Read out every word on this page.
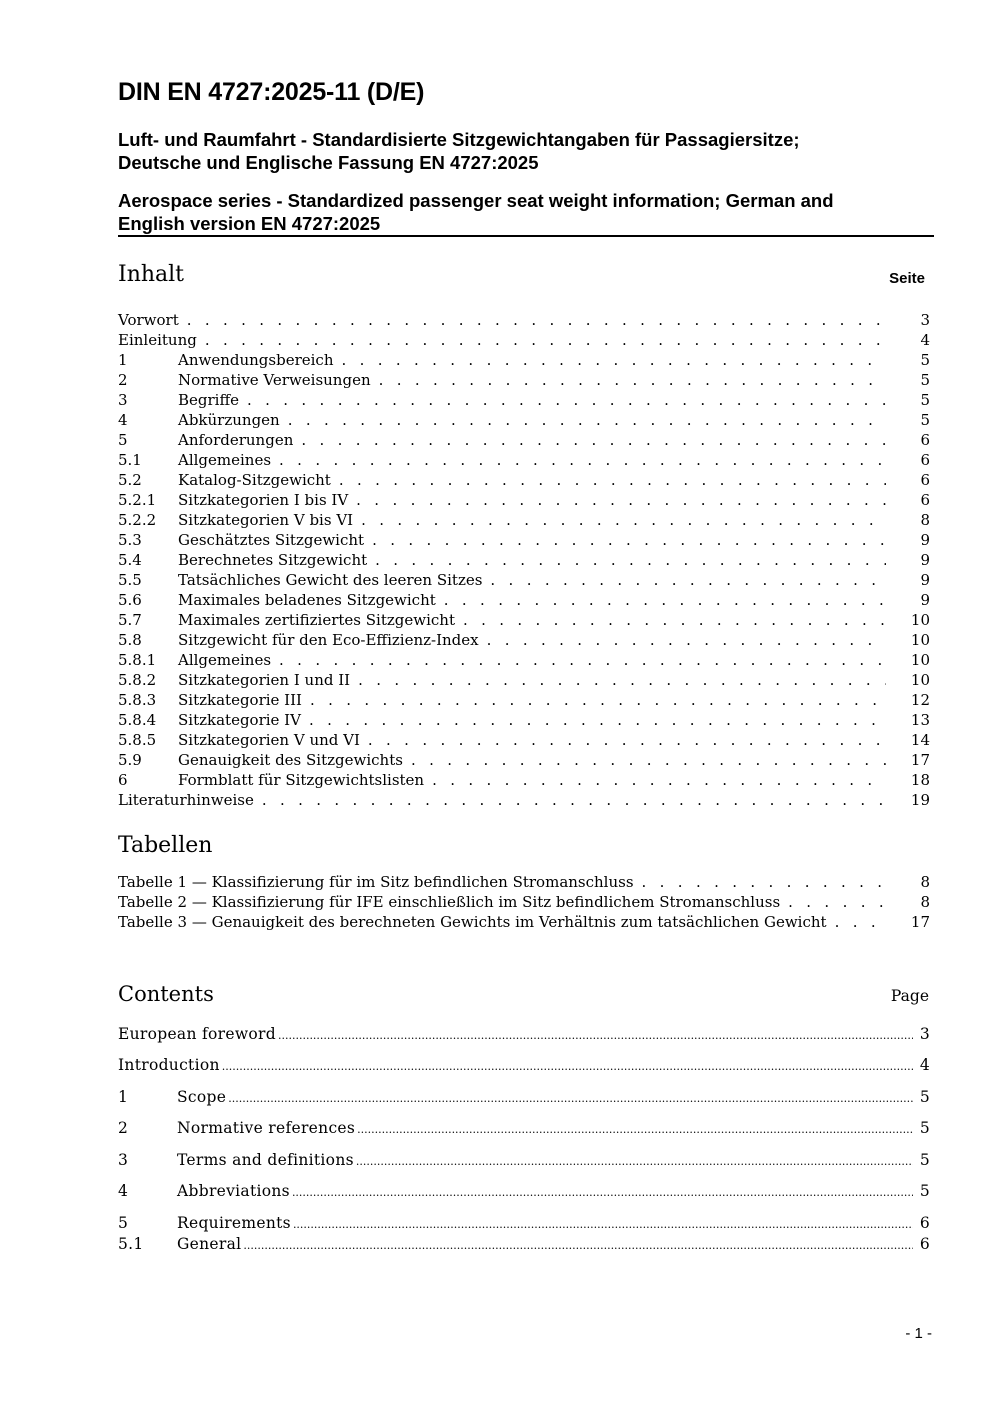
DIN EN 4727:2025-11 (D/E)
Luft- und Raumfahrt - Standardisierte Sitzgewichtangaben für Passagiersitze;
Deutsche und Englische Fassung EN 4727:2025
Aerospace series - Standardized passenger seat weight information; German and
English version EN 4727:2025
Inhalt	Seite
Vorwort . . .	3
Einleitung . . .	4
1	Anwendungsbereich . . .	5
2	Normative Verweisungen . . .	5
3	Begriffe . . .	5
4	Abkürzungen . . .	5
5	Anforderungen . . .	6
5.1	Allgemeines . . .	6
5.2	Katalog-Sitzgewicht . . .	6
5.2.1	Sitzkategorien I bis IV . . .	6
5.2.2	Sitzkategorien V bis VI . . .	8
5.3	Geschätztes Sitzgewicht . . .	9
5.4	Berechnetes Sitzgewicht . . .	9
5.5	Tatsächliches Gewicht des leeren Sitzes . . .	9
5.6	Maximales beladenes Sitzgewicht . . .	9
5.7	Maximales zertifiziertes Sitzgewicht . . .	10
5.8	Sitzgewicht für den Eco-Effizienz-Index . . .	10
5.8.1	Allgemeines . . .	10
5.8.2	Sitzkategorien I und II . . .	10
5.8.3	Sitzkategorie III . . .	12
5.8.4	Sitzkategorie IV . . .	13
5.8.5	Sitzkategorien V und VI . . .	14
5.9	Genauigkeit des Sitzgewichts . . .	17
6	Formblatt für Sitzgewichtslisten . . .	18
Literaturhinweise . . .	19
Tabellen
Tabelle 1 — Klassifizierung für im Sitz befindlichen Stromanschluss . . .	8
Tabelle 2 — Klassifizierung für IFE einschließlich im Sitz befindlichem Stromanschluss . . .	8
Tabelle 3 — Genauigkeit des berechneten Gewichts im Verhältnis zum tatsächlichen Gewicht . . .	17
Contents	Page
European foreword .....	3
Introduction .....	4
1	Scope .....	5
2	Normative references .....	5
3	Terms and definitions .....	5
4	Abbreviations .....	5
5	Requirements .....	6
5.1	General .....	6
- 1 -
